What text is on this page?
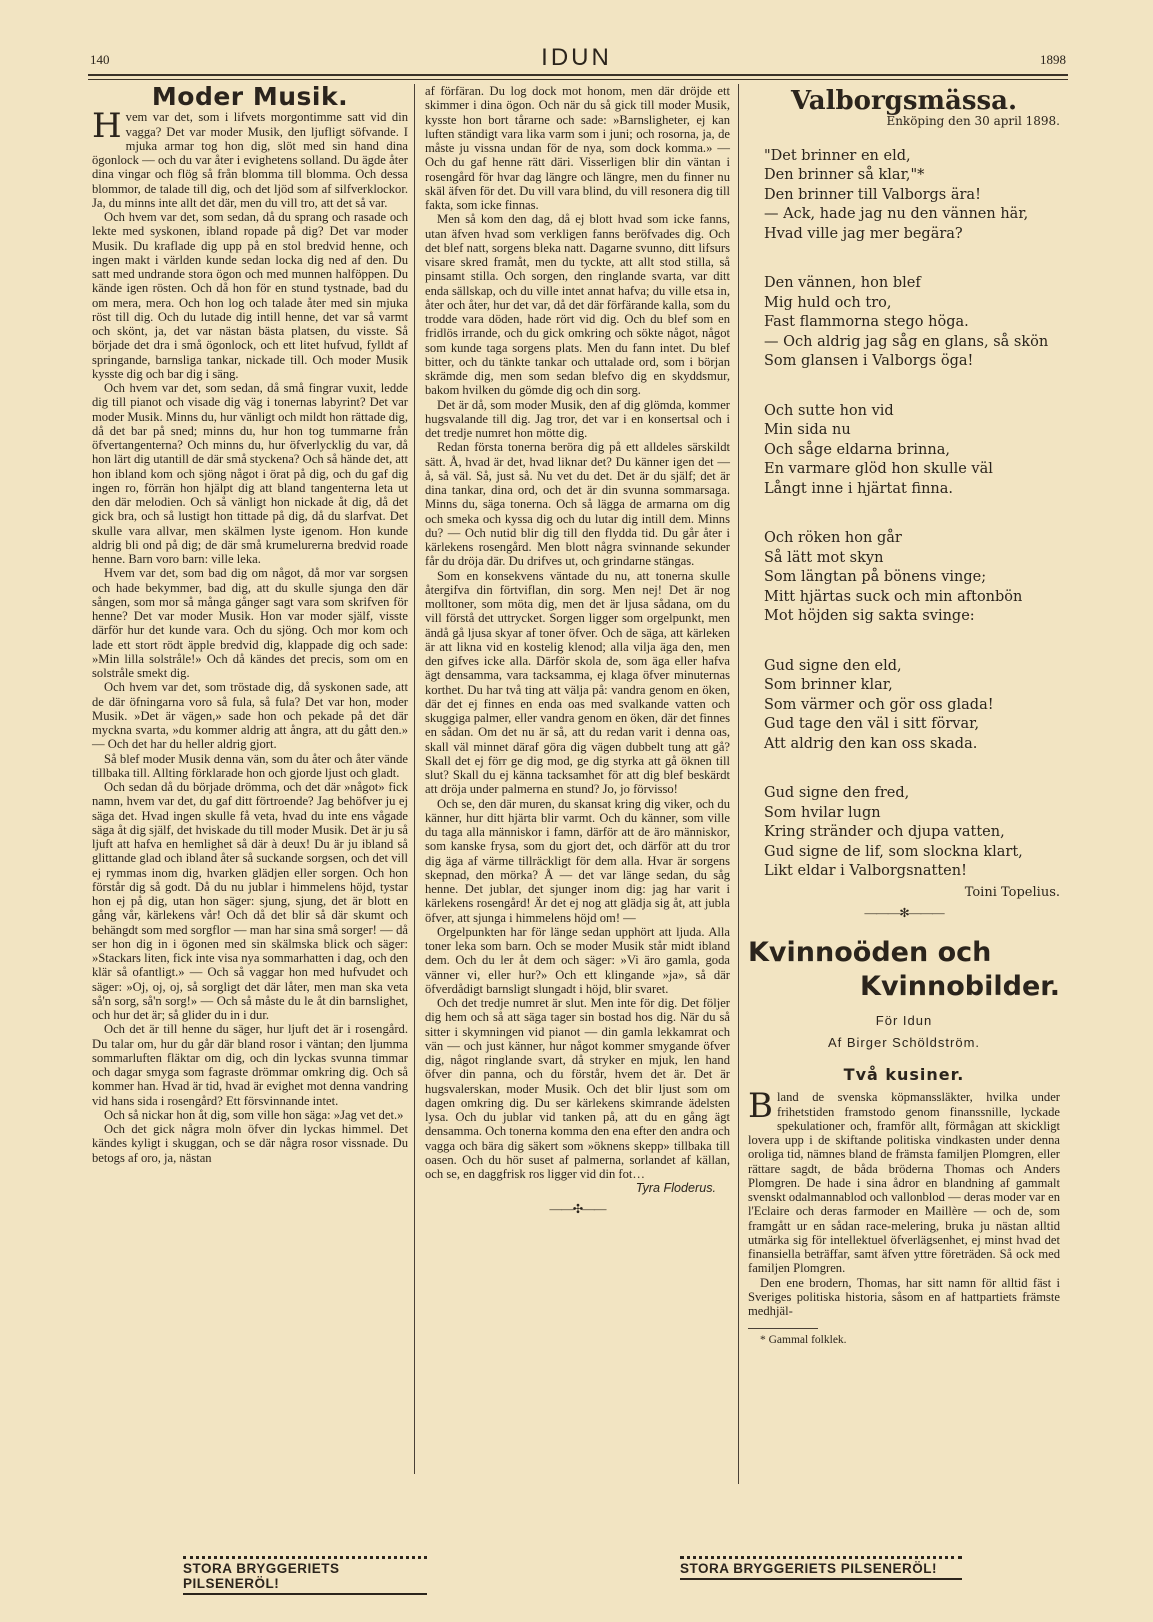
140	IDUN	1898
Moder Musik.

Hvem var det, som i lifvets morgontimme satt vid din vagga? Det var moder Musik, den ljufligt söfvande. I mjuka armar tog hon dig, slöt med sin hand dina ögonlock — och du var åter i evighetens solland. Du ägde åter dina vingar och flög så från blomma till blomma. Och dessa blommor, de talade till dig, och det ljöd som af silfverklockor. Ja, du minns inte allt det där, men du vill tro, att det så var.

Och hvem var det, som sedan, då du sprang och rasade och lekte med syskonen, ibland ropade på dig? Det var moder Musik. Du kraflade dig upp på en stol bredvid henne, och ingen makt i världen kunde sedan locka dig ned af den. Du satt med undrande stora ögon och med munnen halföppen. Du kände igen rösten. Och då hon för en stund tystnade, bad du om mera, mera. Och hon log och talade åter med sin mjuka röst till dig. Och du lutade dig intill henne, det var så varmt och skönt, ja, det var nästan bästa platsen, du visste. Så började det dra i små ögonlock, och ett litet hufvud, fylldt af springande, barnsliga tankar, nickade till. Och moder Musik kysste dig och bar dig i säng.

Och hvem var det, som sedan, då små fingrar vuxit, ledde dig till pianot och visade dig väg i tonernas labyrint? Det var moder Musik. Minns du, hur vänligt och mildt hon rättade dig, då det bar på sned; minns du, hur hon tog tummarne från öfvertangenterna? Och minns du, hur öfverlycklig du var, då hon lärt dig utantill de där små styckena? Och så hände det, att hon ibland kom och sjöng något i örat på dig, och du gaf dig ingen ro, förrän hon hjälpt dig att bland tangenterna leta ut den där melodien. Och så vänligt hon nickade åt dig, då det gick bra, och så lustigt hon tittade på dig, då du slarfvat. Det skulle vara allvar, men skälmen lyste igenom. Hon kunde aldrig bli ond på dig; de där små krumelurerna bredvid roade henne. Barn voro barn: ville leka.

Hvem var det, som bad dig om något, då mor var sorgsen och hade bekymmer, bad dig, att du skulle sjunga den där sången, som mor så många gånger sagt vara som skrifven för henne? Det var moder Musik. Hon var moder själf, visste därför hur det kunde vara. Och du sjöng. Och mor kom och lade ett stort rödt äpple bredvid dig, klappade dig och sade: »Min lilla solstråle!» Och då kändes det precis, som om en solstråle smekt dig.

Och hvem var det, som tröstade dig, då syskonen sade, att de där öfningarna voro så fula, så fula? Det var hon, moder Musik. »Det är vägen,» sade hon och pekade på det där myckna svarta, »du kommer aldrig att ångra, att du gått den.» — Och det har du heller aldrig gjort.

Så blef moder Musik denna vän, som du åter och åter vände tillbaka till. Allting förklarade hon och gjorde ljust och gladt.

Och sedan då du började drömma, och det där »något» fick namn, hvem var det, du gaf ditt förtroende? Jag behöfver ju ej säga det. Hvad ingen skulle få veta, hvad du inte ens vågade säga åt dig själf, det hviskade du till moder Musik. Det är ju så ljuft att hafva en hemlighet så där à deux! Du är ju ibland så glittande glad och ibland åter så suckande sorgsen, och det vill ej rymmas inom dig, hvarken glädjen eller sorgen. Och hon förstår dig så godt. Då du nu jublar i himmelens höjd, tystar hon ej på dig, utan hon säger: sjung, sjung, det är blott en gång vår, kärlekens vår! Och då det blir så där skumt och behängdt som med sorgflor — man har sina små sorger! — då ser hon dig in i ögonen med sin skälmska blick och säger: »Stackars liten, fick inte visa nya sommarhatten i dag, och den klär så ofantligt.» — Och så vaggar hon med hufvudet och säger: »Oj, oj, oj, så sorgligt det där låter, men man ska veta så'n sorg, så'n sorg!» — Och så måste du le åt din barnslighet, och hur det är; så glider du in i dur.

Och det är till henne du säger, hur ljuft det är i rosengård. Du talar om, hur du går där bland rosor i väntan; den ljumma sommarluften fläktar om dig, och din lyckas svunna timmar och dagar smyga som fagraste drömmar omkring dig. Och så kommer han. Hvad är tid, hvad är evighet mot denna vandring vid hans sida i rosengård? Ett försvinnande intet.

Och så nickar hon åt dig, som ville hon säga: »Jag vet det.»

Och det gick några moln öfver din lyckas himmel. Det kändes kyligt i skuggan, och se där några rosor vissnade. Du betogs af oro, ja, nästan

af förfäran. Du log dock mot honom, men där dröjde ett skimmer i dina ögon. Och när du så gick till moder Musik, kysste hon bort tårarne och sade: »Barnsligheter, ej kan luften ständigt vara lika varm som i juni; och rosorna, ja, de måste ju vissna undan för de nya, som dock komma.» — Och du gaf henne rätt däri. Visserligen blir din väntan i rosengård för hvar dag längre och längre, men du finner nu skäl äfven för det. Du vill vara blind, du vill resonera dig till fakta, som icke finnas.

Men så kom den dag, då ej blott hvad som icke fanns, utan äfven hvad som verkligen fanns beröfvades dig. Och det blef natt, sorgens bleka natt. Dagarne svunno, ditt lifsurs visare skred framåt, men du tyckte, att allt stod stilla, så pinsamt stilla. Och sorgen, den ringlande svarta, var ditt enda sällskap, och du ville intet annat hafva; du ville etsa in, åter och åter, hur det var, då det där förfärande kalla, som du trodde vara döden, hade rört vid dig. Och du blef som en fridlös irrande, och du gick omkring och sökte något, något som kunde taga sorgens plats. Men du fann intet. Du blef bitter, och du tänkte tankar och uttalade ord, som i början skrämde dig, men som sedan blefvo dig en skyddsmur, bakom hvilken du gömde dig och din sorg.

Det är då, som moder Musik, den af dig glömda, kommer hugsvalande till dig. Jag tror, det var i en konsertsal och i det tredje numret hon mötte dig.

Redan första tonerna beröra dig på ett alldeles särskildt sätt. Å, hvad är det, hvad liknar det? Du känner igen det — å, så väl. Så, just så. Nu vet du det. Det är du själf; det är dina tankar, dina ord, och det är din svunna sommarsaga. Minns du, säga tonerna. Och så lägga de armarna om dig och smeka och kyssa dig och du lutar dig intill dem. Minns du? — Och nutid blir dig till den flydda tid. Du går åter i kärlekens rosengård. Men blott några svinnande sekunder får du dröja där. Du drifves ut, och grindarne stängas.

Som en konsekvens väntade du nu, att tonerna skulle återgifva din förtviflan, din sorg. Men nej! Det är nog molltoner, som möta dig, men det är ljusa sådana, om du vill förstå det uttrycket. Sorgen ligger som orgelpunkt, men ändå gå ljusa skyar af toner öfver. Och de säga, att kärleken är att likna vid en kostelig klenod; alla vilja äga den, men den gifves icke alla. Därför skola de, som äga eller hafva ägt densamma, vara tacksamma, ej klaga öfver minuternas korthet. Du har två ting att välja på: vandra genom en öken, där det ej finnes en enda oas med svalkande vatten och skuggiga palmer, eller vandra genom en öken, där det finnes en sådan. Om det nu är så, att du redan varit i denna oas, skall väl minnet däraf göra dig vägen dubbelt tung att gå? Skall det ej förr ge dig mod, ge dig styrka att gå öknen till slut? Skall du ej känna tacksamhet för att dig blef beskärdt att dröja under palmerna en stund? Jo, jo förvisso!

Och se, den där muren, du skansat kring dig viker, och du känner, hur ditt hjärta blir varmt. Och du känner, som ville du taga alla människor i famn, därför att de äro människor, som kanske frysa, som du gjort det, och därför att du tror dig äga af värme tillräckligt för dem alla. Hvar är sorgens skepnad, den mörka? Å — det var länge sedan, du såg henne. Det jublar, det sjunger inom dig: jag har varit i kärlekens rosengård! Är det ej nog att glädja sig åt, att jubla öfver, att sjunga i himmelens höjd om! —

Orgelpunkten har för länge sedan upphört att ljuda. Alla toner leka som barn. Och se moder Musik står midt ibland dem. Och du ler åt dem och säger: »Vi äro gamla, goda vänner vi, eller hur?» Och ett klingande »ja», så där öfverdådigt barnsligt slungadt i höjd, blir svaret.

Och det tredje numret är slut. Men inte för dig. Det följer dig hem och så att säga tager sin bostad hos dig. När du så sitter i skymningen vid pianot — din gamla lekkamrat och vän — och just känner, hur något kommer smygande öfver dig, något ringlande svart, då stryker en mjuk, len hand öfver din panna, och du förstår, hvem det är. Det är hugsvalerskan, moder Musik. Och det blir ljust som om dagen omkring dig. Du ser kärlekens skimrande ädelsten lysa. Och du jublar vid tanken på, att du en gång ägt densamma. Och tonerna komma den ena efter den andra och vagga och bära dig säkert som »öknens skepp» tillbaka till oasen. Och du hör suset af palmerna, sorlandet af källan, och se, en daggfrisk ros ligger vid din fot…

Tyra Floderus.
——✣——
Valborgsmässa.
Enköping den 30 april 1898.
"Det brinner en eld,
Den brinner så klar,"*
Den brinner till Valborgs ära!
— Ack, hade jag nu den vännen här,
Hvad ville jag mer begära?
Den vännen, hon blef
Mig huld och tro,
Fast flammorna stego höga.
— Och aldrig jag såg en glans, så skön
Som glansen i Valborgs öga!
Och sutte hon vid
Min sida nu
Och såge eldarna brinna,
En varmare glöd hon skulle väl
Långt inne i hjärtat finna.
Och röken hon går
Så lätt mot skyn
Som längtan på bönens vinge;
Mitt hjärtas suck och min aftonbön
Mot höjden sig sakta svinge:
Gud signe den eld,
Som brinner klar,
Som värmer och gör oss glada!
Gud tage den väl i sitt förvar,
Att aldrig den kan oss skada.
Gud signe den fred,
Som hvilar lugn
Kring stränder och djupa vatten,
Gud signe de lif, som slockna klart,
Likt eldar i Valborgsnatten!
Toini Topelius.
———✻———
Kvinnoöden och
Kvinnobilder.
För Idun
Af Birger Schöldström.
Två kusiner.

Bland de svenska köpmanssläkter, hvilka under frihetstiden framstodo genom finanssnille, lyckade spekulationer och, framför allt, förmågan att skickligt lovera upp i de skiftande politiska vindkasten under denna oroliga tid, nämnes bland de främsta familjen Plomgren, eller rättare sagdt, de båda bröderna Thomas och Anders Plomgren. De hade i sina ådror en blandning af gammalt svenskt odalmannablod och vallonblod — deras moder var en l'Eclaire och deras farmoder en Maillère — och de, som framgått ur en sådan race-melering, bruka ju nästan alltid utmärka sig för intellektuel öfverlägsenhet, ej minst hvad det finansiella beträffar, samt äfven yttre företräden. Så ock med familjen Plomgren.

Den ene brodern, Thomas, har sitt namn för alltid fäst i Sveriges politiska historia, såsom en af hattpartiets främste medhjäl-

* Gammal folklek.
STORA BRYGGERIETS PILSENERÖL!
STORA BRYGGERIETS PILSENERÖL!
